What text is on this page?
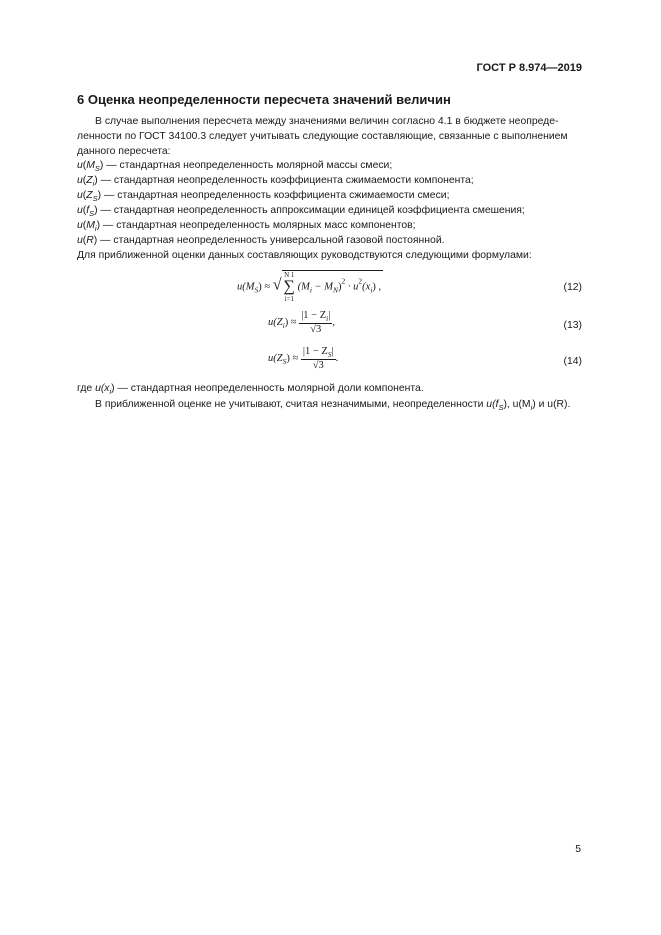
ГОСТ Р 8.974—2019
6 Оценка неопределенности пересчета значений величин
В случае выполнения пересчета между значениями величин согласно 4.1 в бюджете неопреде-
ленности по ГОСТ 34100.3 следует учитывать следующие составляющие, связанные с выполнением
данного пересчета:
$u(M_S)$ — стандартная неопределенность молярной массы смеси;
$u(Z_i)$ — стандартная неопределенность коэффициента сжимаемости компонента;
$u(Z_S)$ — стандартная неопределенность коэффициента сжимаемости смеси;
$u(f_S)$ — стандартная неопределенность аппроксимации единицей коэффициента смешения;
$u(M_i)$ — стандартная неопределенность молярных масс компонентов;
u(R) — стандартная неопределенность универсальной газовой постоянной.
Для приближенной оценки данных составляющих руководствуются следующими формулами:
$u(M_S)$ ≈ √
N 1
∑
i=1
$(M_i - M_N)^2 \cdot u^2(x_i)$ ,	(12)
$u(Z_i) \approx \frac{|1 - Z_i|}{√3}$ ,	(13)
$u(Z_S) \approx \frac{|1 - Z_S|}{√3}$ .	(14)
где $u(x_i)$ — стандартная неопределенность молярной доли компонента.
В приближенной оценке не учитывают, считая незначимыми, неопределенности $u(f_S)$, $u(M_i)$ и u(R).
5
